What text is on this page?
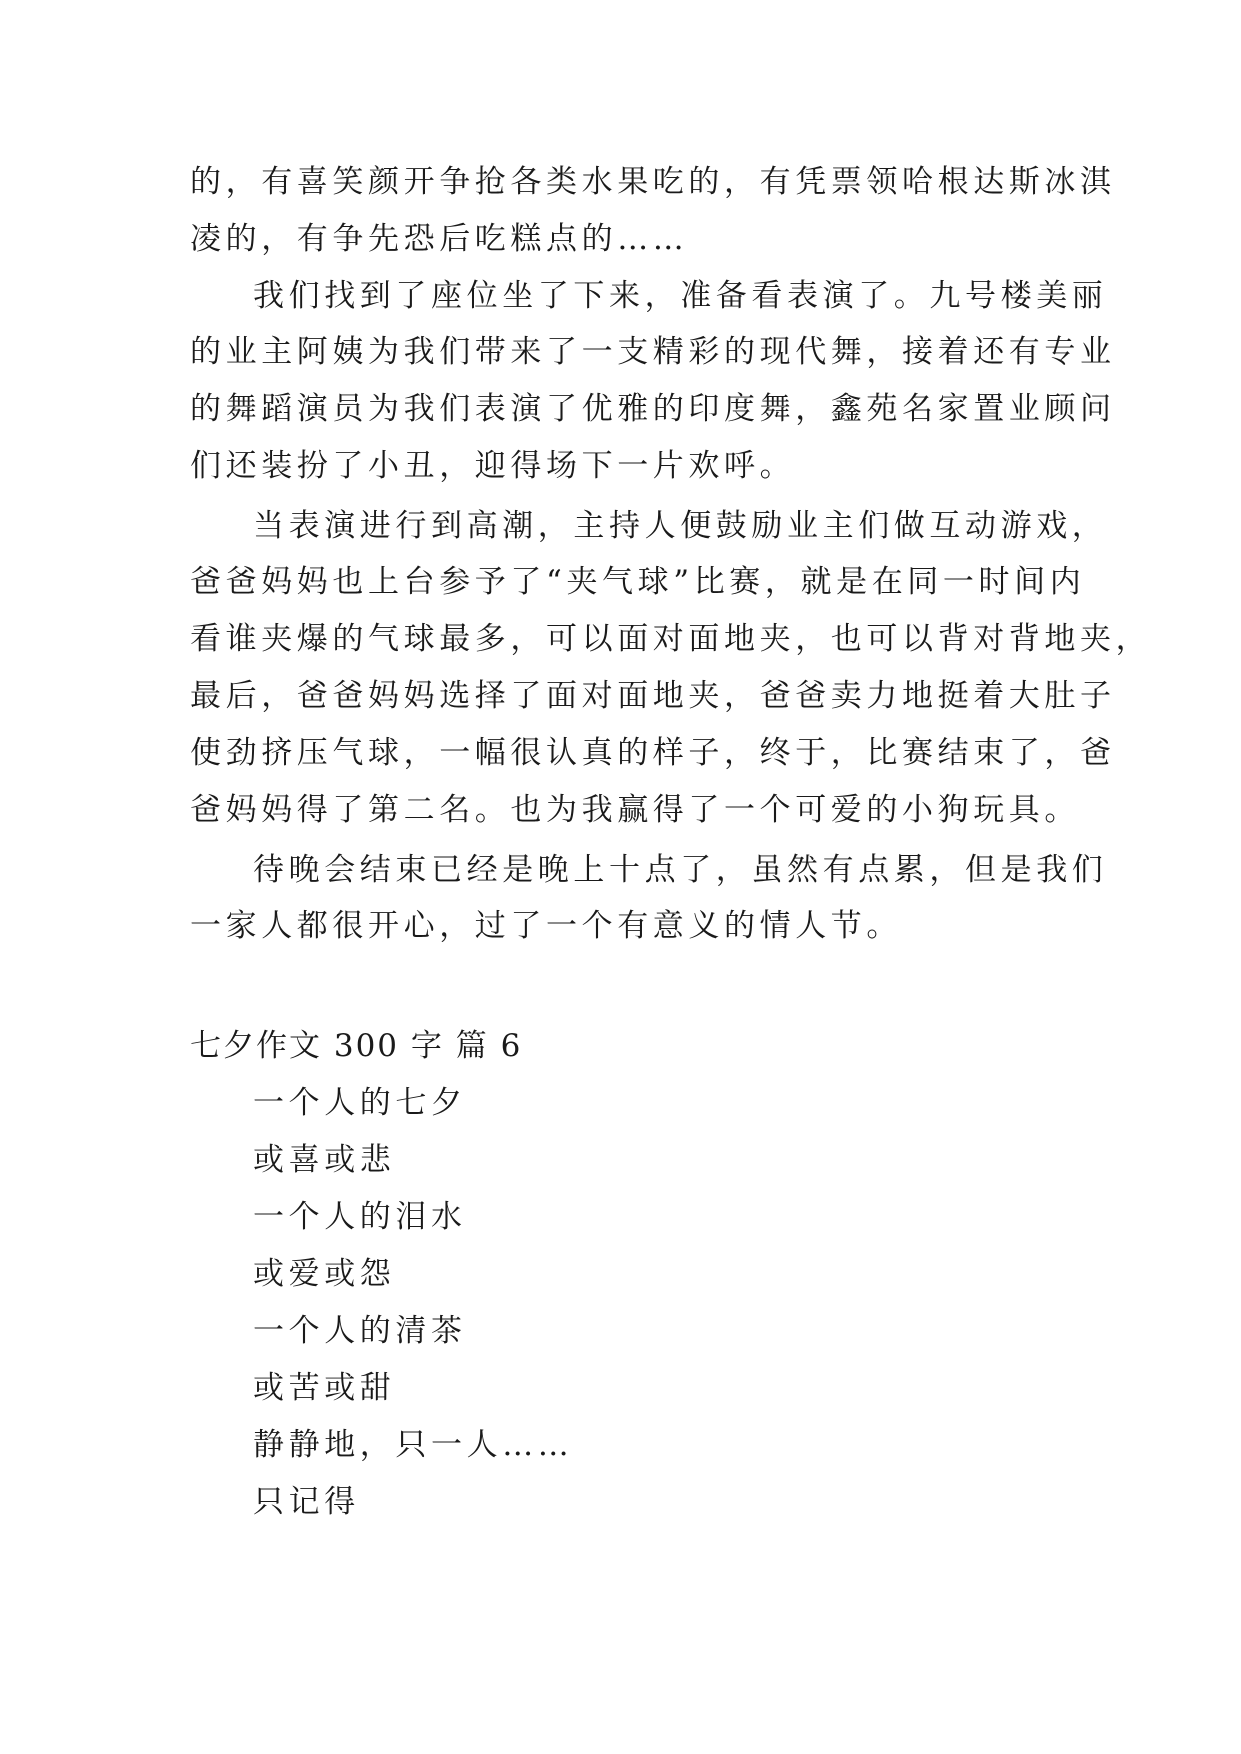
的，有喜笑颜开争抢各类水果吃的，有凭票领哈根达斯冰淇
凌的，有争先恐后吃糕点的……
我们找到了座位坐了下来，准备看表演了。九号楼美丽
的业主阿姨为我们带来了一支精彩的现代舞，接着还有专业
的舞蹈演员为我们表演了优雅的印度舞，鑫苑名家置业顾问
们还装扮了小丑，迎得场下一片欢呼。
当表演进行到高潮，主持人便鼓励业主们做互动游戏，
爸爸妈妈也上台参予了“夹气球”比赛，就是在同一时间内
看谁夹爆的气球最多，可以面对面地夹，也可以背对背地夹，
最后，爸爸妈妈选择了面对面地夹，爸爸卖力地挺着大肚子
使劲挤压气球，一幅很认真的样子，终于，比赛结束了，爸
爸妈妈得了第二名。也为我赢得了一个可爱的小狗玩具。
待晚会结束已经是晚上十点了，虽然有点累，但是我们
一家人都很开心，过了一个有意义的情人节。
七夕作文 300 字 篇 6
一个人的七夕
或喜或悲
一个人的泪水
或爱或怨
一个人的清茶
或苦或甜
静静地，只一人……
只记得
